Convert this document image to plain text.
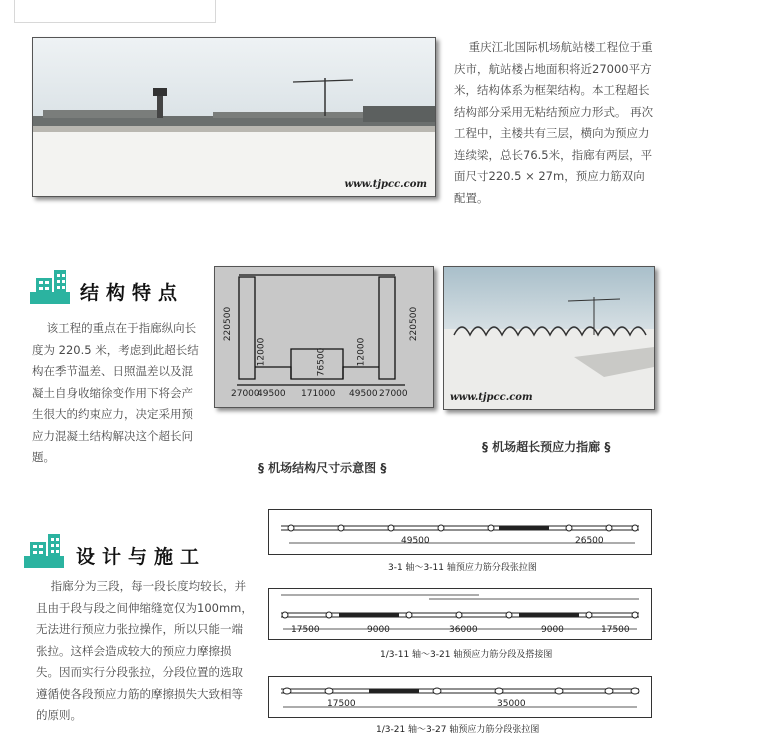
www.tjpcc.com

重庆江北国际机场航站楼工程位于重庆市，航站楼占地面积将近27000平方米，结构体系为框架结构。本工程超长结构部分采用无粘结预应力形式。 再次工程中，主楼共有三层，横向为预应力连续梁，总长76.5米，指廊有两层，平面尺寸220.5 × 27m，预应力筋双向配置。

结构特点

该工程的重点在于指廊纵向长度为 220.5 米，考虑到此超长结构在季节温差、日照温差以及混凝土自身收缩徐变作用下将会产生很大的约束应力，决定采用预应力混凝土结构解决这个超长问题。

220500
12000	76500	12000
220500
27000
49500 171000 49500 27000
§ 机场结构尺寸示意图 §
www.tjpcc.com
§ 机场超长预应力指廊 §
设计与施工

指廊分为三段，每一段长度均较长，并且由于段与段之间伸缩缝宽仅为100mm，无法进行预应力张拉操作，所以只能一端张拉。这样会造成较大的预应力摩擦损失。因而实行分段张拉，分段位置的选取遵循使各段预应力筋的摩擦损失大致相等的原则。

49500	26500
3-1 轴～3-11 轴预应力筋分段张拉图
17500	9000	36000	9000	17500
1/3-11 轴～3-21 轴预应力筋分段及搭接图
17500	35000
1/3-21 轴～3-27 轴预应力筋分段张拉图
